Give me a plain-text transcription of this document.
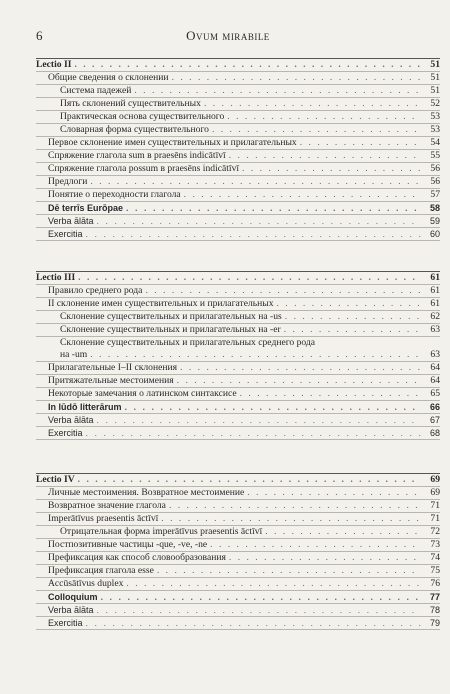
6	Ovum mirabile
Lectio II . . .	51
Общие сведения о склонении . . .	51
Система падежей . . .	51
Пять склонений существительных . . .	52
Практическая основа существительного . . .	53
Словарная форма существительного . . .	53
Первое склонение имен существительных и прилагательных . . .	54
Спряжение глагола sum в praesēns indicātīvī . . .	55
Спряжение глагола possum в praesēns indicātīvī . . .	56
Предлоги . . .	56
Понятие о переходности глагола . . .	57
Dē terrīs Eurōpae . . .	58
Verba ālāta . . .	59
Exercitia . . .	60
Lectio III . . .	61
Правило среднего рода . . .	61
II склонение имен существительных и прилагательных . . .	61
Склонение существительных и прилагательных на -us . . .	62
Склонение существительных и прилагательных на -er . . .	63
Склонение существительных и прилагательных среднего рода
на -um . . .	63
Прилагательные I–II склонения . . .	64
Притяжательные местоимения . . .	64
Некоторые замечания о латинском синтаксисе . . .	65
In lūdō litterārum . . .	66
Verba ālāta . . .	67
Exercitia . . .	68
Lectio IV . . .	69
Личные местоимения. Возвратное местоимение . . .	69
Возвратное значение глагола . . .	71
Imperātīvus praesentis āctīvī . . .	71
Отрицательная форма imperātīvus praesentis āctīvī . . .	72
Постпозитивные частицы -que, -ve, -ne . . .	73
Префиксация как способ словообразования . . .	74
Префиксация глагола esse . . .	75
Accūsātīvus duplex . . .	76
Colloquium . . .	77
Verba ālāta . . .	78
Exercitia . . .	79
